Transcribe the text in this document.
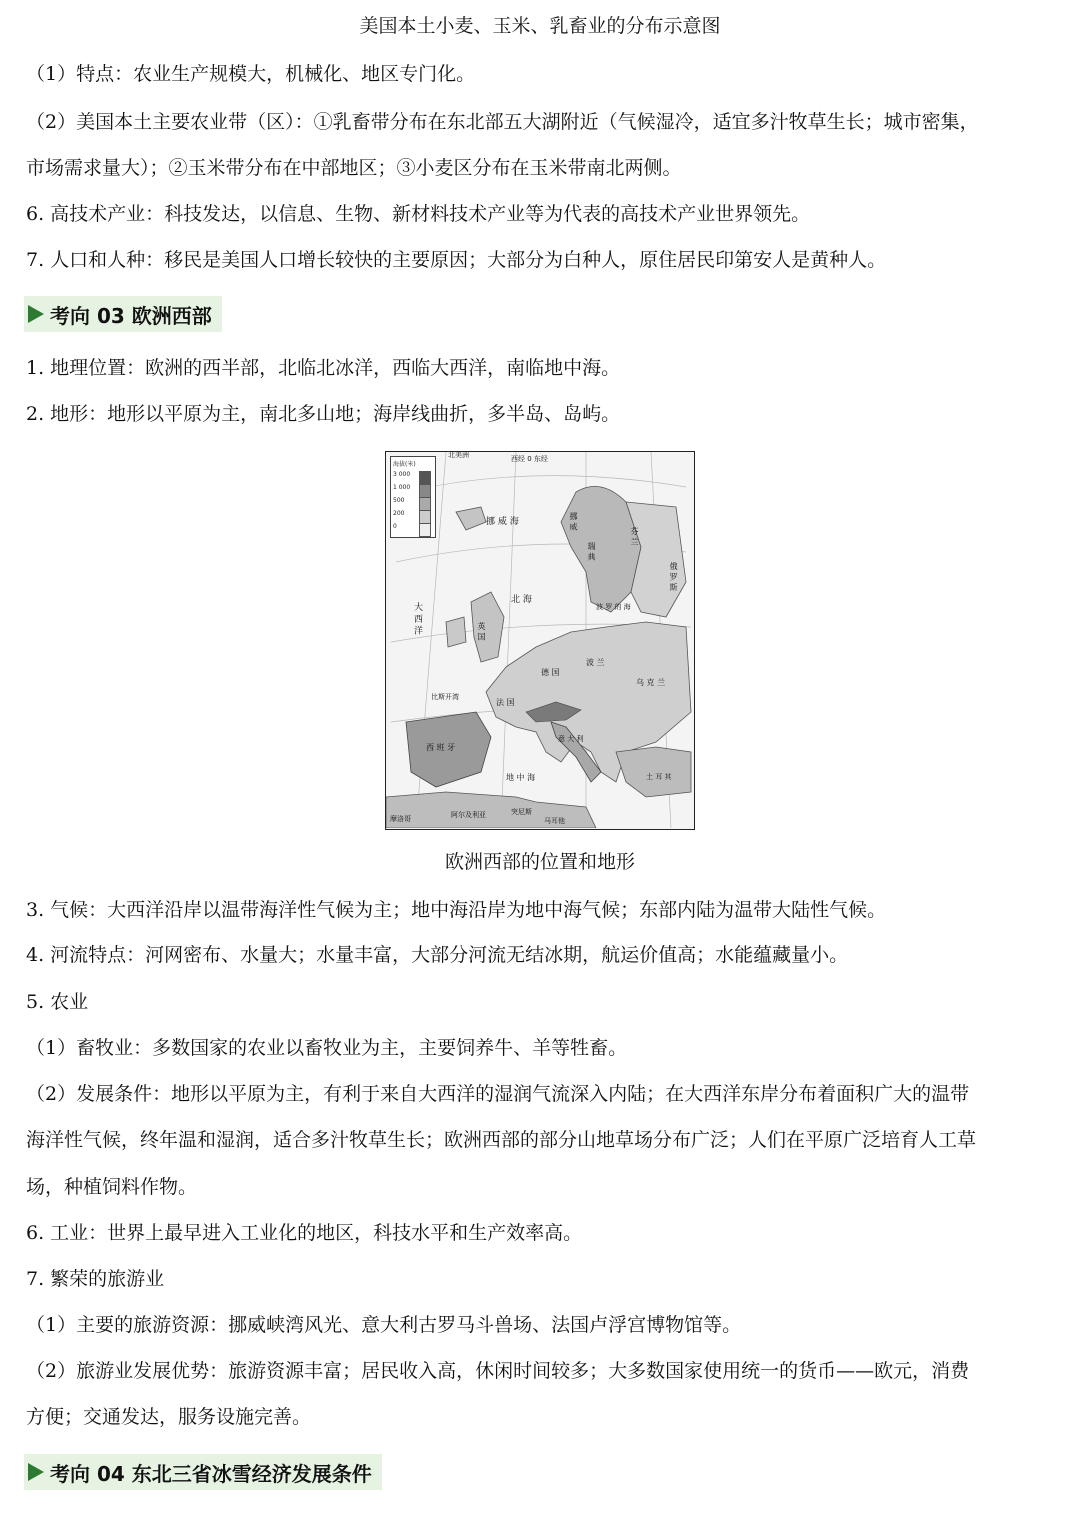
美国本土小麦、玉米、乳畜业的分布示意图
（1）特点：农业生产规模大，机械化、地区专门化。
（2）美国本土主要农业带（区）：①乳畜带分布在东北部五大湖附近（气候湿冷，适宜多汁牧草生长；城市密集，
市场需求量大）；②玉米带分布在中部地区；③小麦区分布在玉米带南北两侧。
6. 高技术产业：科技发达，以信息、生物、新材料技术产业等为代表的高技术产业世界领先。
7. 人口和人种：移民是美国人口增长较快的主要原因；大部分为白种人，原住居民印第安人是黄种人。
考向 03 欧洲西部
1. 地理位置：欧洲的西半部，北临北冰洋，西临大西洋，南临地中海。
2. 地形：地形以平原为主，南北多山地；海岸线曲折，多半岛、岛屿。
海拔(米)
3 000
1 000
500
200
0
北美洲	西经 0 东经
挪 威 海
大 西 洋
北 海
波 罗 的 海
比斯开湾
地 中 海
英 国
法 国
德 国
西 班 牙
意 大 利
波 兰
瑞 典
挪 威
芬 兰
俄 罗 斯
乌 克 兰
土 耳 其
摩洛哥	阿尔及利亚	突尼斯
马耳他
欧洲西部的位置和地形
3. 气候：大西洋沿岸以温带海洋性气候为主；地中海沿岸为地中海气候；东部内陆为温带大陆性气候。
4. 河流特点：河网密布、水量大；水量丰富，大部分河流无结冰期，航运价值高；水能蕴藏量小。
5. 农业
（1）畜牧业：多数国家的农业以畜牧业为主，主要饲养牛、羊等牲畜。
（2）发展条件：地形以平原为主，有利于来自大西洋的湿润气流深入内陆；在大西洋东岸分布着面积广大的温带
海洋性气候，终年温和湿润，适合多汁牧草生长；欧洲西部的部分山地草场分布广泛；人们在平原广泛培育人工草
场，种植饲料作物。
6. 工业：世界上最早进入工业化的地区，科技水平和生产效率高。
7. 繁荣的旅游业
（1）主要的旅游资源：挪威峡湾风光、意大利古罗马斗兽场、法国卢浮宫博物馆等。
（2）旅游业发展优势：旅游资源丰富；居民收入高，休闲时间较多；大多数国家使用统一的货币——欧元，消费
方便；交通发达，服务设施完善。
考向 04 东北三省冰雪经济发展条件
